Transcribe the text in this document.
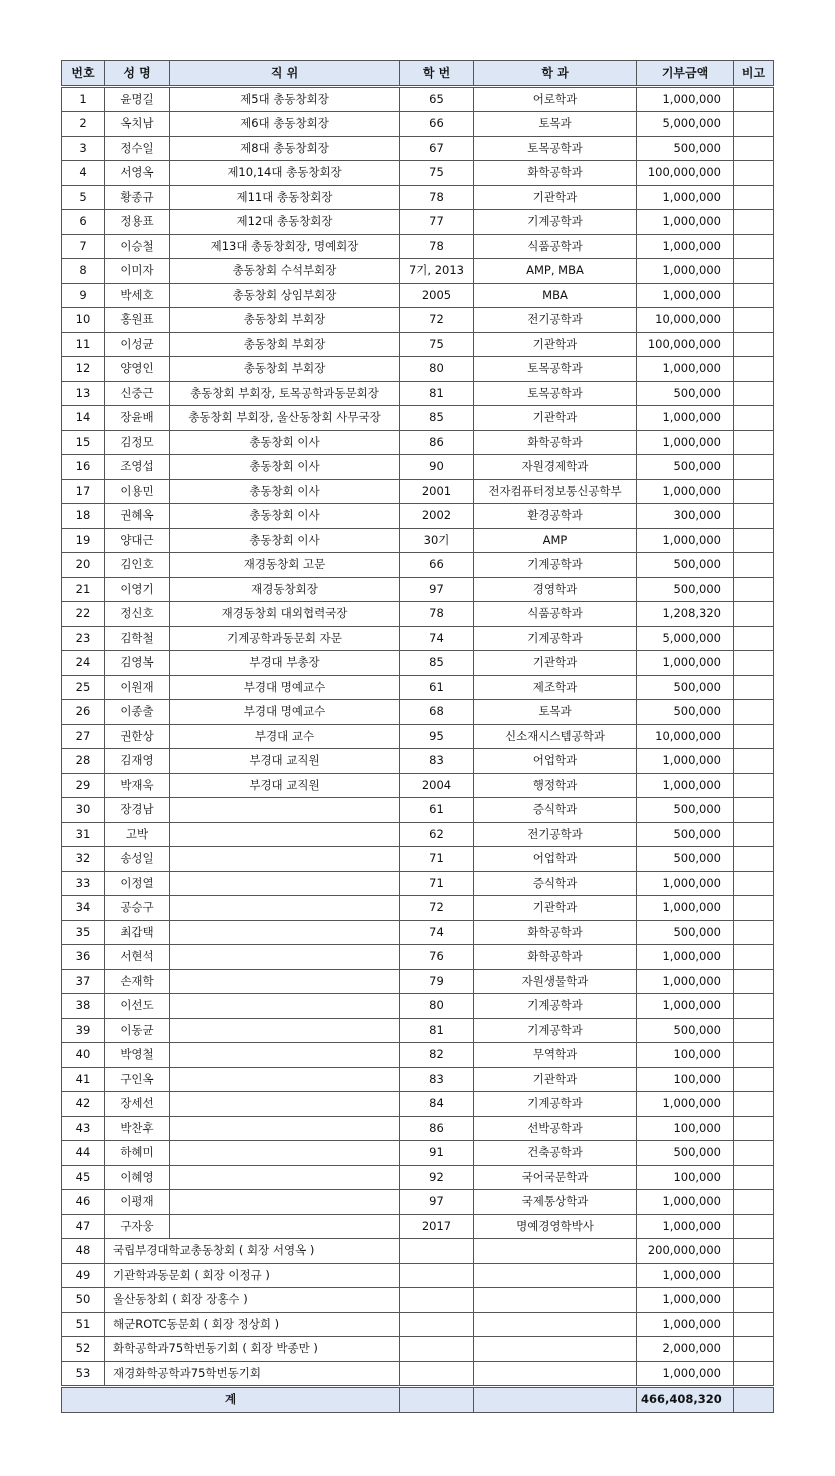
번호	성 명	직 위	학 번	학 과	기부금액	비고
1	윤명길	제5대 총동창회장	65	어로학과	1,000,000	
2	옥치남	제6대 총동창회장	66	토목과	5,000,000	
3	정수일	제8대 총동창회장	67	토목공학과	500,000	
4	서영옥	제10,14대 총동창회장	75	화학공학과	100,000,000	
5	황종규	제11대 총동창회장	78	기관학과	1,000,000	
6	정용표	제12대 총동창회장	77	기계공학과	1,000,000	
7	이승철	제13대 총동창회장, 명예회장	78	식품공학과	1,000,000	
8	이미자	총동창회 수석부회장	7기, 2013	AMP, MBA	1,000,000	
9	박세호	총동창회 상임부회장	2005	MBA	1,000,000	
10	홍원표	총동창회 부회장	72	전기공학과	10,000,000	
11	이성균	총동창회 부회장	75	기관학과	100,000,000	
12	양영인	총동창회 부회장	80	토목공학과	1,000,000	
13	신중근	총동창회 부회장, 토목공학과동문회장	81	토목공학과	500,000	
14	장윤배	총동창회 부회장, 울산동창회 사무국장	85	기관학과	1,000,000	
15	김정모	총동창회 이사	86	화학공학과	1,000,000	
16	조영섭	총동창회 이사	90	자원경제학과	500,000	
17	이용민	총동창회 이사	2001	전자컴퓨터정보통신공학부	1,000,000	
18	권혜옥	총동창회 이사	2002	환경공학과	300,000	
19	양대근	총동창회 이사	30기	AMP	1,000,000	
20	김인호	재경동창회 고문	66	기계공학과	500,000	
21	이영기	재경동창회장	97	경영학과	500,000	
22	정신호	재경동창회 대외협력국장	78	식품공학과	1,208,320	
23	김학철	기계공학과동문회 자문	74	기계공학과	5,000,000	
24	김영복	부경대 부총장	85	기관학과	1,000,000	
25	이원재	부경대 명예교수	61	제조학과	500,000	
26	이종출	부경대 명예교수	68	토목과	500,000	
27	권한상	부경대 교수	95	신소재시스템공학과	10,000,000	
28	김재영	부경대 교직원	83	어업학과	1,000,000	
29	박재욱	부경대 교직원	2004	행정학과	1,000,000	
30	장경남		61	증식학과	500,000	
31	고박		62	전기공학과	500,000	
32	송성일		71	어업학과	500,000	
33	이정열		71	증식학과	1,000,000	
34	공승구		72	기관학과	1,000,000	
35	최갑택		74	화학공학과	500,000	
36	서현석		76	화학공학과	1,000,000	
37	손재학		79	자원생물학과	1,000,000	
38	이선도		80	기계공학과	1,000,000	
39	이동균		81	기계공학과	500,000	
40	박영철		82	무역학과	100,000	
41	구인옥		83	기관학과	100,000	
42	장세선		84	기계공학과	1,000,000	
43	박찬후		86	선박공학과	100,000	
44	하혜미		91	건축공학과	500,000	
45	이혜영		92	국어국문학과	100,000	
46	이평재		97	국제통상학과	1,000,000	
47	구자웅		2017	명예경영학박사	1,000,000	
48	국립부경대학교총동창회 ( 회장 서영옥 )				200,000,000	
49	기관학과동문회 ( 회장 이정규 )				1,000,000	
50	울산동창회 ( 회장 장홍수 )				1,000,000	
51	해군ROTC동문회 ( 회장 정상희 )				1,000,000	
52	화학공학과75학번동기회 ( 회장 박종만 )				2,000,000	
53	재경화학공학과75학번동기회				1,000,000	
계					466,408,320	
